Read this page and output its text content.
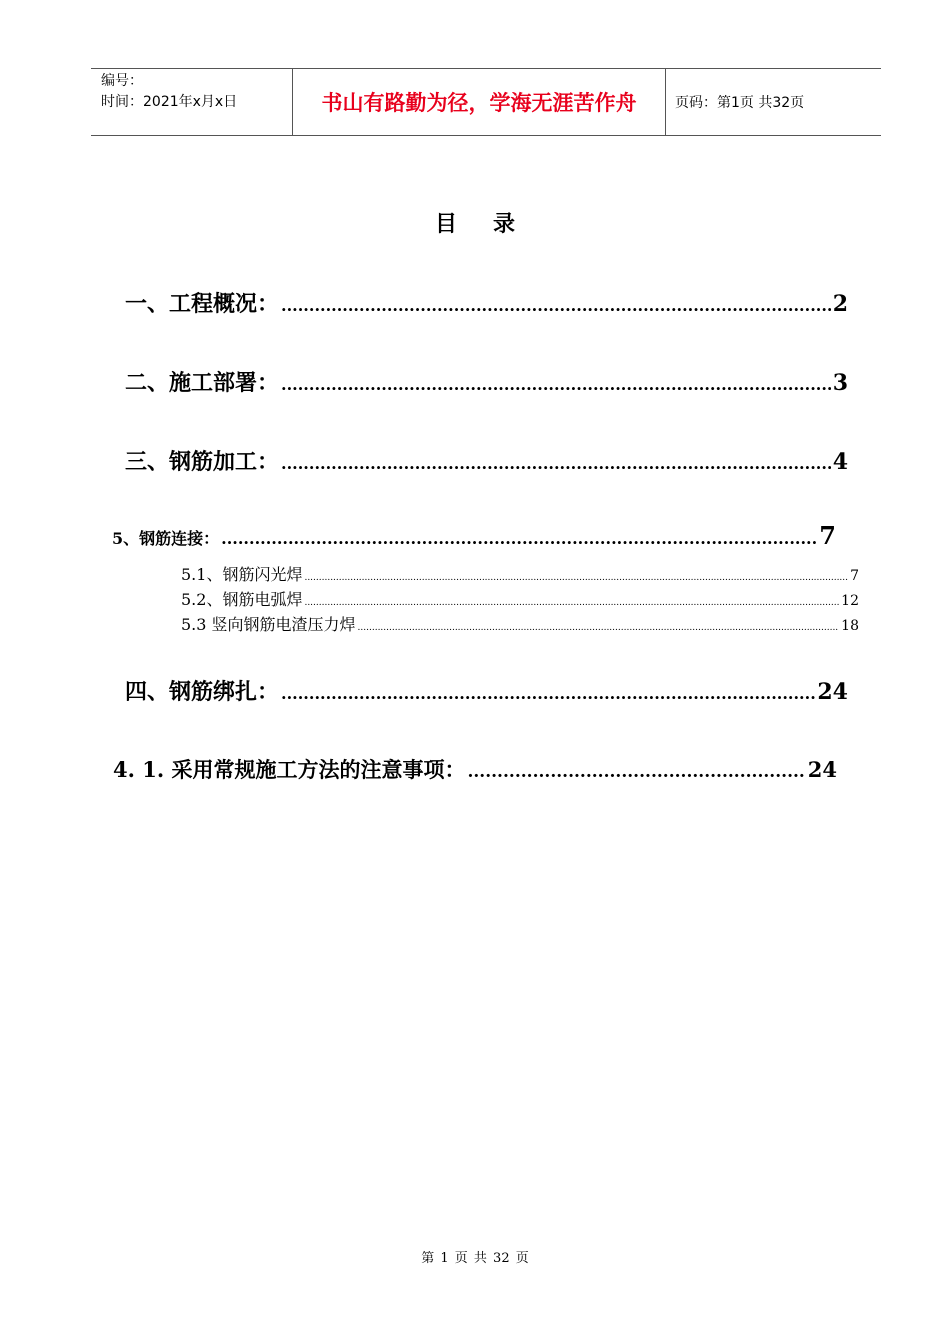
编号：
时间：2021年x月x日	书山有路勤为径，学海无涯苦作舟	页码：第1页 共32页
目录
一、工程概况： .....	2
二、施工部署： .....	3
三、钢筋加工： .....	4
5、钢筋连接： .....	7
5.1、钢筋闪光焊 .....	7
5.2、钢筋电弧焊 .....	12
5.3 竖向钢筋电渣压力焊 .....	18
四、钢筋绑扎： .....	24
4. 1. 采用常规施工方法的注意事项： .....	24
第 1 页 共 32 页
